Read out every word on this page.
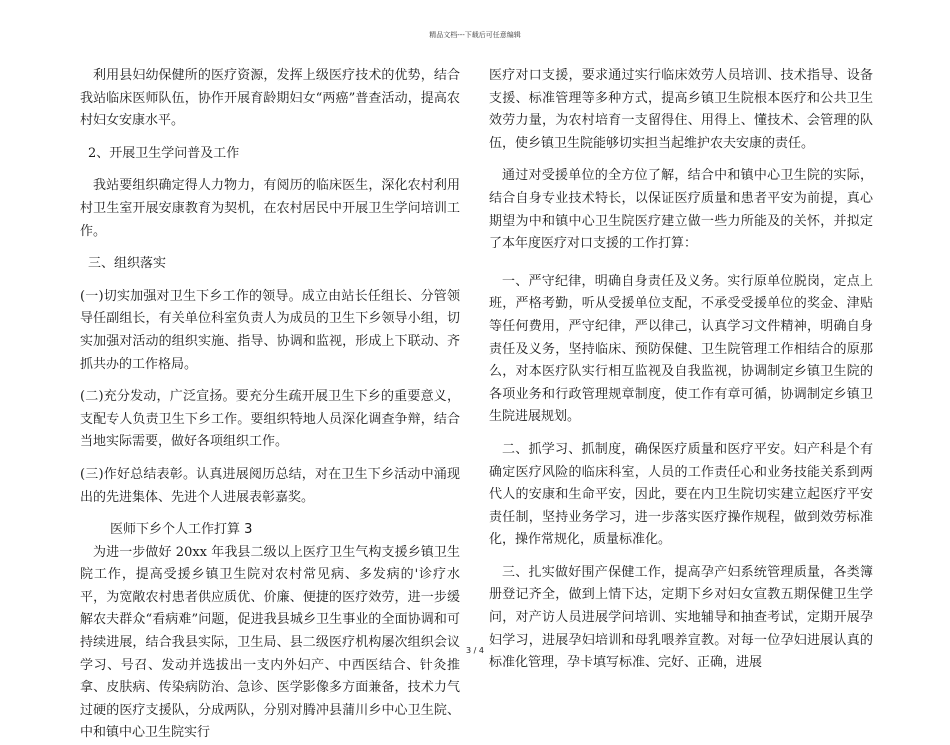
精品文档---下载后可任意编辑

利用县妇幼保健所的医疗资源，发挥上级医疗技术的优势，结合我站临床医师队伍，协作开展育龄期妇女“两癌”普查活动，提高农村妇女安康水平。

2、开展卫生学问普及工作

我站要组织确定得人力物力，有阅历的临床医生，深化农村利用村卫生室开展安康教育为契机，在农村居民中开展卫生学问培训工作。

三、组织落实

(一)切实加强对卫生下乡工作的领导。成立由站长任组长、分管领导任副组长，有关单位科室负责人为成员的卫生下乡领导小组，切实加强对活动的组织实施、指导、协调和监视，形成上下联动、齐抓共办的工作格局。

(二)充分发动，广泛宣扬。要充分生疏开展卫生下乡的重要意义，支配专人负责卫生下乡工作。要组织特地人员深化调查争辩，结合当地实际需要，做好各项组织工作。

(三)作好总结表彰。认真进展阅历总结，对在卫生下乡活动中涌现出的先进集体、先进个人进展表彰嘉奖。

医师下乡个人工作打算 3

为进一步做好 20xx 年我县二级以上医疗卫生气构支援乡镇卫生院工作，提高受援乡镇卫生院对农村常见病、多发病的'诊疗水平，为宽敞农村患者供应质优、价廉、便捷的医疗效劳，进一步缓解农夫群众“看病难”问题，促进我县城乡卫生事业的全面协调和可持续进展，结合我县实际，卫生局、县二级医疗机构屡次组织会议学习、号召、发动并选拔出一支内外妇产、中西医结合、针灸推拿、皮肤病、传染病防治、急诊、医学影像多方面兼备，技术力气过硬的医疗支援队，分成两队，分别对腾冲县蒲川乡中心卫生院、中和镇中心卫生院实行

医疗对口支援，要求通过实行临床效劳人员培训、技术指导、设备支援、标准管理等多种方式，提高乡镇卫生院根本医疗和公共卫生效劳力量，为农村培育一支留得住、用得上、懂技术、会管理的队伍，使乡镇卫生院能够切实担当起维护农夫安康的责任。

通过对受援单位的全方位了解，结合中和镇中心卫生院的实际，结合自身专业技术特长，以保证医疗质量和患者平安为前提，真心期望为中和镇中心卫生院医疗建立做一些力所能及的关怀，并拟定了本年度医疗对口支援的工作打算：

一、严守纪律，明确自身责任及义务。实行原单位脱岗，定点上班，严格考勤，听从受援单位支配，不承受受援单位的奖金、津贴等任何费用，严守纪律，严以律己，认真学习文件精神，明确自身责任及义务，坚持临床、预防保健、卫生院管理工作相结合的原那么，对本医疗队实行相互监视及自我监视，协调制定乡镇卫生院的各项业务和行政管理规章制度，使工作有章可循，协调制定乡镇卫生院进展规划。

二、抓学习、抓制度，确保医疗质量和医疗平安。妇产科是个有确定医疗风险的临床科室，人员的工作责任心和业务技能关系到两代人的安康和生命平安，因此，要在内卫生院切实建立起医疗平安责任制，坚持业务学习，进一步落实医疗操作规程，做到效劳标准化，操作常规化，质量标准化。

三、扎实做好围产保健工作，提高孕产妇系统管理质量，各类簿册登记齐全，做到上情下达，定期下乡对妇女宣教五期保健卫生学问，对产访人员进展学问培训、实地辅导和抽查考试，定期开展孕妇学习，进展孕妇培训和母乳喂养宣教。对每一位孕妇进展认真的标准化管理，孕卡填写标准、完好、正确，进展

3 / 4
